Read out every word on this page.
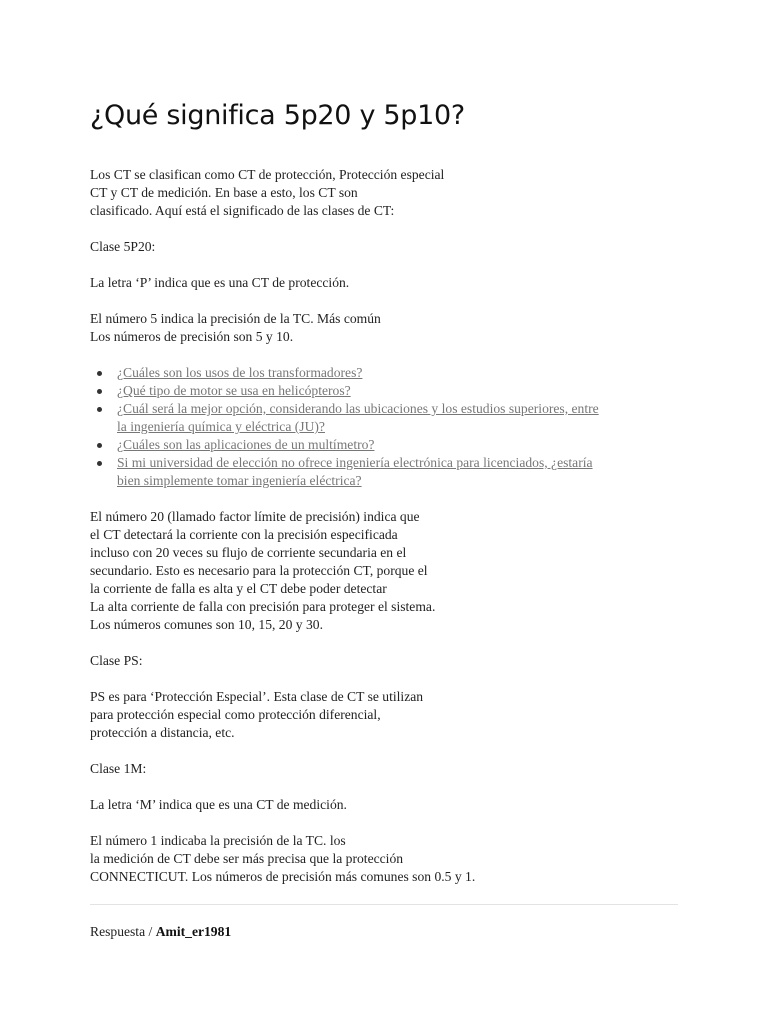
¿Qué significa 5p20 y 5p10?

Los CT se clasifican como CT de protección, Protección especial
CT y CT de medición. En base a esto, los CT son
clasificado. Aquí está el significado de las clases de CT:

Clase 5P20:

La letra ‘P’ indica que es una CT de protección.

El número 5 indica la precisión de la TC. Más común
Los números de precisión son 5 y 10.

¿Cuáles son los usos de los transformadores?
¿Qué tipo de motor se usa en helicópteros?
¿Cuál será la mejor opción, considerando las ubicaciones y los estudios superiores, entre
la ingeniería química y eléctrica (JU)?
¿Cuáles son las aplicaciones de un multímetro?
Si mi universidad de elección no ofrece ingeniería electrónica para licenciados, ¿estaría
bien simplemente tomar ingeniería eléctrica?

El número 20 (llamado factor límite de precisión) indica que
el CT detectará la corriente con la precisión especificada
incluso con 20 veces su flujo de corriente secundaria en el
secundario. Esto es necesario para la protección CT, porque el
la corriente de falla es alta y el CT debe poder detectar
La alta corriente de falla con precisión para proteger el sistema.
Los números comunes son 10, 15, 20 y 30.

Clase PS:

PS es para ‘Protección Especial’. Esta clase de CT se utilizan
para protección especial como protección diferencial,
protección a distancia, etc.

Clase 1M:

La letra ‘M’ indica que es una CT de medición.

El número 1 indicaba la precisión de la TC. los
la medición de CT debe ser más precisa que la protección
CONNECTICUT. Los números de precisión más comunes son 0.5 y 1.

Respuesta / Amit_er1981
